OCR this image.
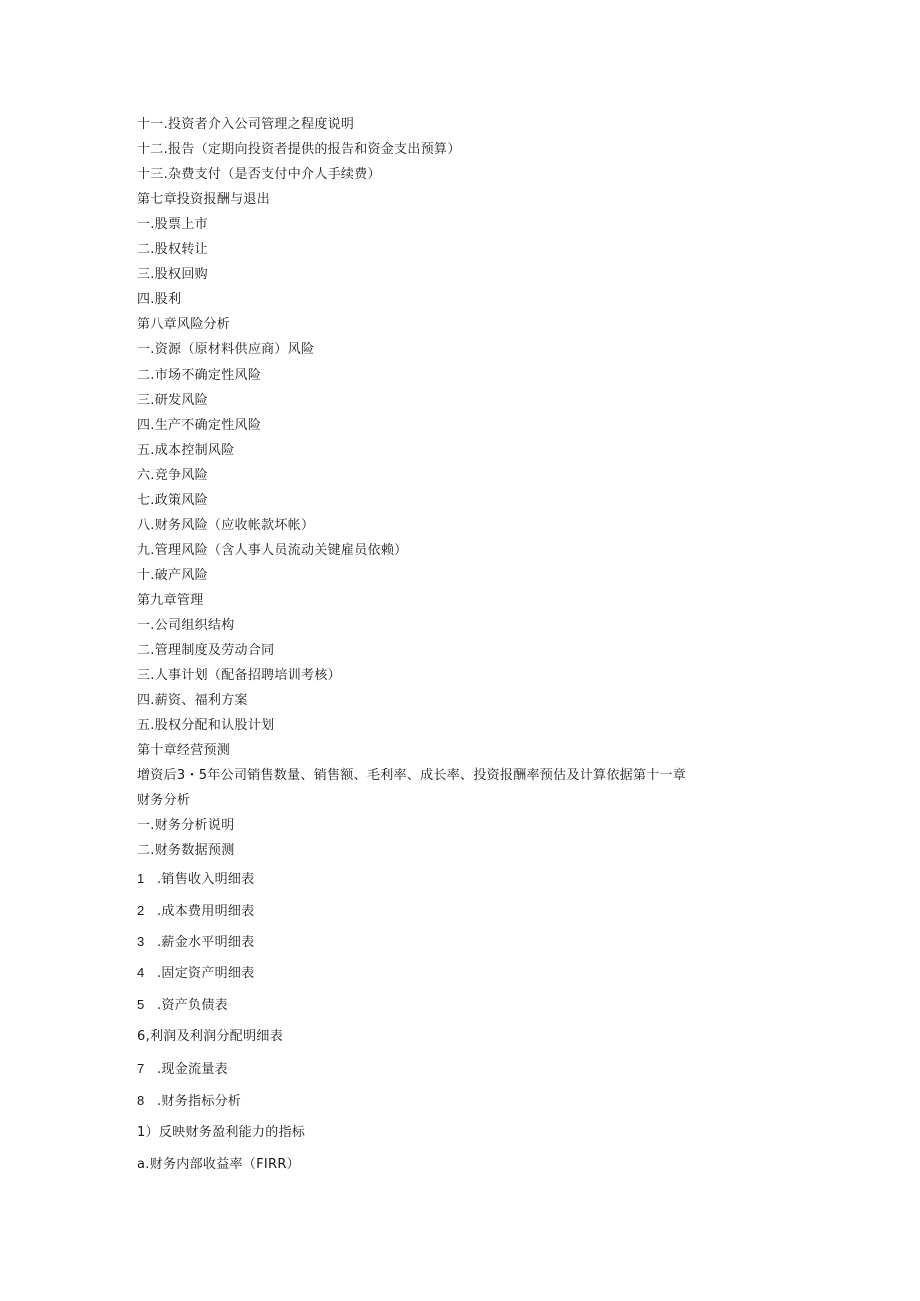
十一.投资者介入公司管理之程度说明
十二.报告（定期向投资者提供的报告和资金支出预算）
十三.杂费支付（是否支付中介人手续费）
第七章投资报酬与退出
一.股票上市
二.股权转让
三.股权回购
四.股利
第八章风险分析
一.资源（原材料供应商）风险
二.市场不确定性风险
三.研发风险
四.生产不确定性风险
五.成本控制风险
六.竞争风险
七.政策风险
八.财务风险（应收帐款坏帐）
九.管理风险（含人事人员流动关键雇员依赖）
十.破产风险
第九章管理
一.公司组织结构
二.管理制度及劳动合同
三.人事计划（配备招聘培训考核）
四.薪资、福利方案
五.股权分配和认股计划
第十章经营预测
增资后3・5年公司销售数量、销售额、毛利率、成长率、投资报酬率预估及计算依据第十一章
财务分析
一.财务分析说明
二.财务数据预测
1 .销售收入明细表
2 .成本费用明细表
3 .薪金水平明细表
4 .固定资产明细表
5 .资产负债表
6,利润及利润分配明细表
7 .现金流量表
8 .财务指标分析
1）反映财务盈利能力的指标
a.财务内部收益率（FIRR）
